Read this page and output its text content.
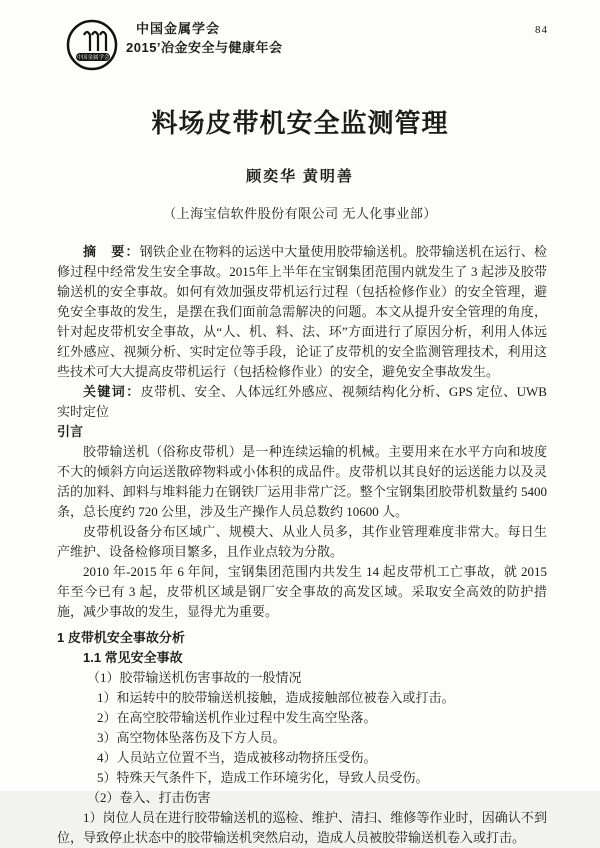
中国金属学会
中国金属学会
2015’冶金安全与健康年会
84
料场皮带机安全监测管理
顾奕华 黄明善
（上海宝信软件股份有限公司 无人化事业部）

摘　要：钢铁企业在物料的运送中大量使用胶带输送机。胶带输送机在运行、检修过程中经常发生安全事故。2015年上半年在宝钢集团范围内就发生了 3 起涉及胶带输送机的安全事故。如何有效加强皮带机运行过程（包括检修作业）的安全管理，避免安全事故的发生，是摆在我们面前急需解决的问题。本文从提升安全管理的角度，针对起皮带机安全事故，从“人、机、料、法、环”方面进行了原因分析，利用人体远红外感应、视频分析、实时定位等手段，论证了皮带机的安全监测管理技术，利用这些技术可大大提高皮带机运行（包括检修作业）的安全，避免安全事故发生。

关键词：皮带机、安全、人体远红外感应、视频结构化分析、GPS 定位、UWB 实时定位

引言

胶带输送机（俗称皮带机）是一种连续运输的机械。主要用来在水平方向和坡度不大的倾斜方向运送散碎物料或小体积的成品件。皮带机以其良好的运送能力以及灵活的加料、卸料与堆料能力在钢铁厂运用非常广泛。整个宝钢集团胶带机数量约 5400 条，总长度约 720 公里，涉及生产操作人员总数约 10600 人。

皮带机设备分布区域广、规模大、从业人员多，其作业管理难度非常大。每日生产维护、设备检修项目繁多，且作业点较为分散。

2010 年-2015 年 6 年间，宝钢集团范围内共发生 14 起皮带机工亡事故，就 2015 年至今已有 3 起，皮带机区域是钢厂安全事故的高发区域。采取安全高效的防护措施，减少事故的发生，显得尤为重要。

1 皮带机安全事故分析

1.1 常见安全事故

（1）胶带输送机伤害事故的一般情况

1）和运转中的胶带输送机接触，造成接触部位被卷入或打击。

2）在高空胶带输送机作业过程中发生高空坠落。

3）高空物体坠落伤及下方人员。

4）人员站立位置不当，造成被移动物挤压受伤。

5）特殊天气条件下，造成工作环境劣化，导致人员受伤。

（2）卷入、打击伤害

1）岗位人员在进行胶带输送机的巡检、维护、清扫、维修等作业时，因确认不到位，导致停止状态中的胶带输送机突然启动，造成人员被胶带输送机卷入或打击。
